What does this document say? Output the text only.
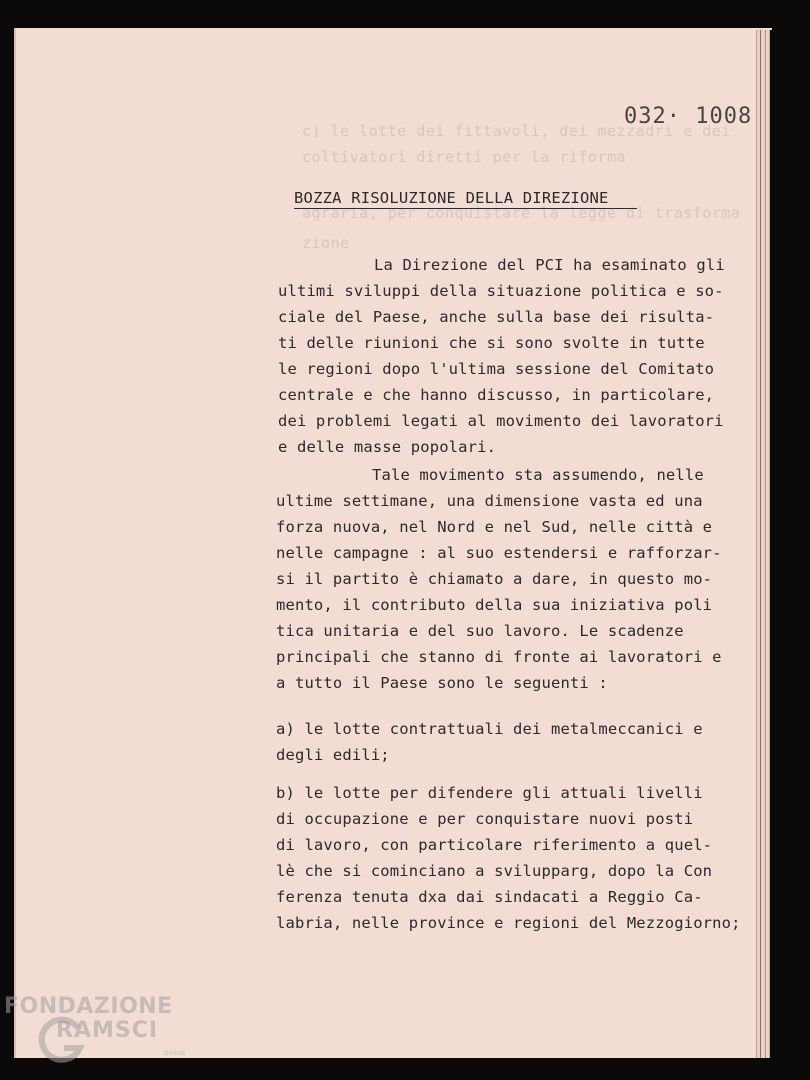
c) le lotte dei fittavoli, dei mezzadri e dei
coltivatori diretti per la riforma
agraria, per conquistare la legge di trasforma
zione
032· 1008
BOZZA RISOLUZIONE DELLA DIREZIONE
La Direzione del PCI ha esaminato gli
ultimi sviluppi della situazione politica e so-
ciale del Paese, anche sulla base dei risulta-
ti delle riunioni che si sono svolte in tutte
le regioni dopo l'ultima sessione del Comitato
centrale e che hanno discusso, in particolare,
dei problemi legati al movimento dei lavoratori
e delle masse popolari.
Tale movimento sta assumendo, nelle
ultime settimane, una dimensione vasta ed una
forza nuova, nel Nord e nel Sud, nelle città e
nelle campagne : al suo estendersi e rafforzar-
si il partito è chiamato a dare, in questo mo-
mento, il contributo della sua iniziativa poli
tica unitaria e del suo lavoro. Le scadenze
principali che stanno di fronte ai lavoratori e
a tutto il Paese sono le seguenti :
a) le lotte contrattuali dei metalmeccanici e
degli edili;
b) le lotte per difendere gli attuali livelli
di occupazione e per conquistare nuovi posti
di lavoro, con particolare riferimento a quel-
lè che si cominciano a svilupparg, dopo la Con
ferenza tenuta dxa dai sindacati a Reggio Ca-
labria, nelle province e regioni del Mezzogiorno;
FONDAZIONE
RAMSCI
onlus
